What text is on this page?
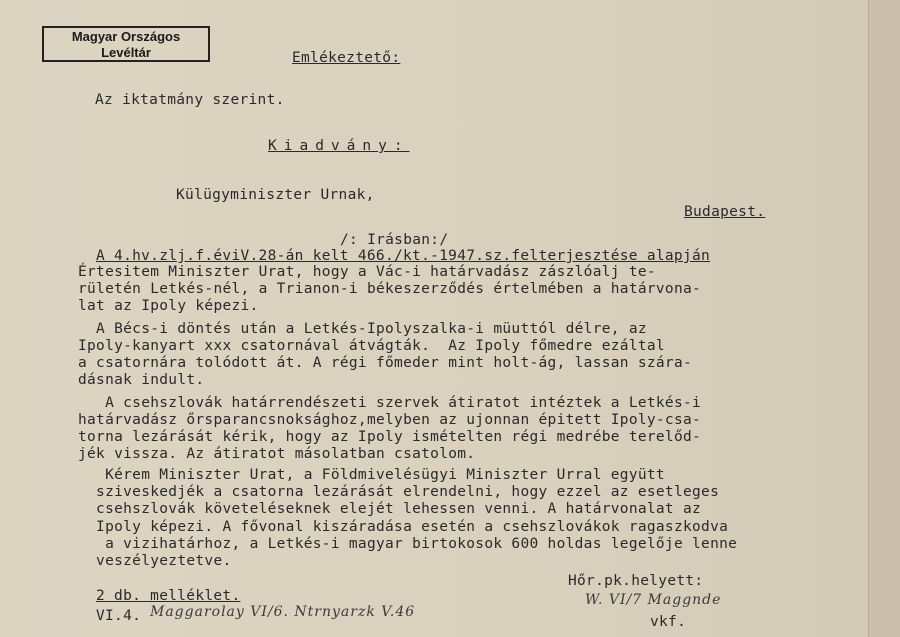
Magyar Országos
Levéltár	Emlékeztető:
Az iktatmány szerint.
Kiadvány:
Külügyminiszter Urnak,
Budapest.
/: Irásban:/
A 4.hv.zlj.f.éviV.28-án kelt 466./kt.-1947.sz.felterjesztése alapján
Értesitem Miniszter Urat, hogy a Vác-i határvadász zászlóalj te-
rületén Letkés-nél, a Trianon-i békeszerződés értelmében a határvona-
lat az Ipoly képezi.
A Bécs-i döntés után a Letkés-Ipolyszalka-i müuttól délre, az
Ipoly-kanyart xxx csatornával átvágták.  Az Ipoly főmedre ezáltal
a csatornára tolódott át. A régi főmeder mint holt-ág, lassan szára-
dásnak indult.
A csehszlovák határrendészeti szervek átiratot intéztek a Letkés-i
határvadász őrsparancsnoksághoz,melyben az ujonnan épitett Ipoly-csa-
torna lezárását kérik, hogy az Ipoly ismételten régi medrébe terelőd-
jék vissza. Az átiratot másolatban csatolom.
Kérem Miniszter Urat, a Földmivelésügyi Miniszter Urral együtt
sziveskedjék a csatorna lezárását elrendelni, hogy ezzel az esetleges
csehszlovák követeléseknek elejét lehessen venni. A határvonalat az
Ipoly képezi. A fővonal kiszáradása esetén a csehszlovákok ragaszkodva
a vizihatárhoz, a Letkés-i magyar birtokosok 600 holdas legelője lenne
veszélyeztetve.
Hőr.pk.helyett:
2 db. melléklet.
VI.4.	vkf.
Maggarolay VI/6. Ntrnyarzk V.46
W. VI/7 Maggnde
